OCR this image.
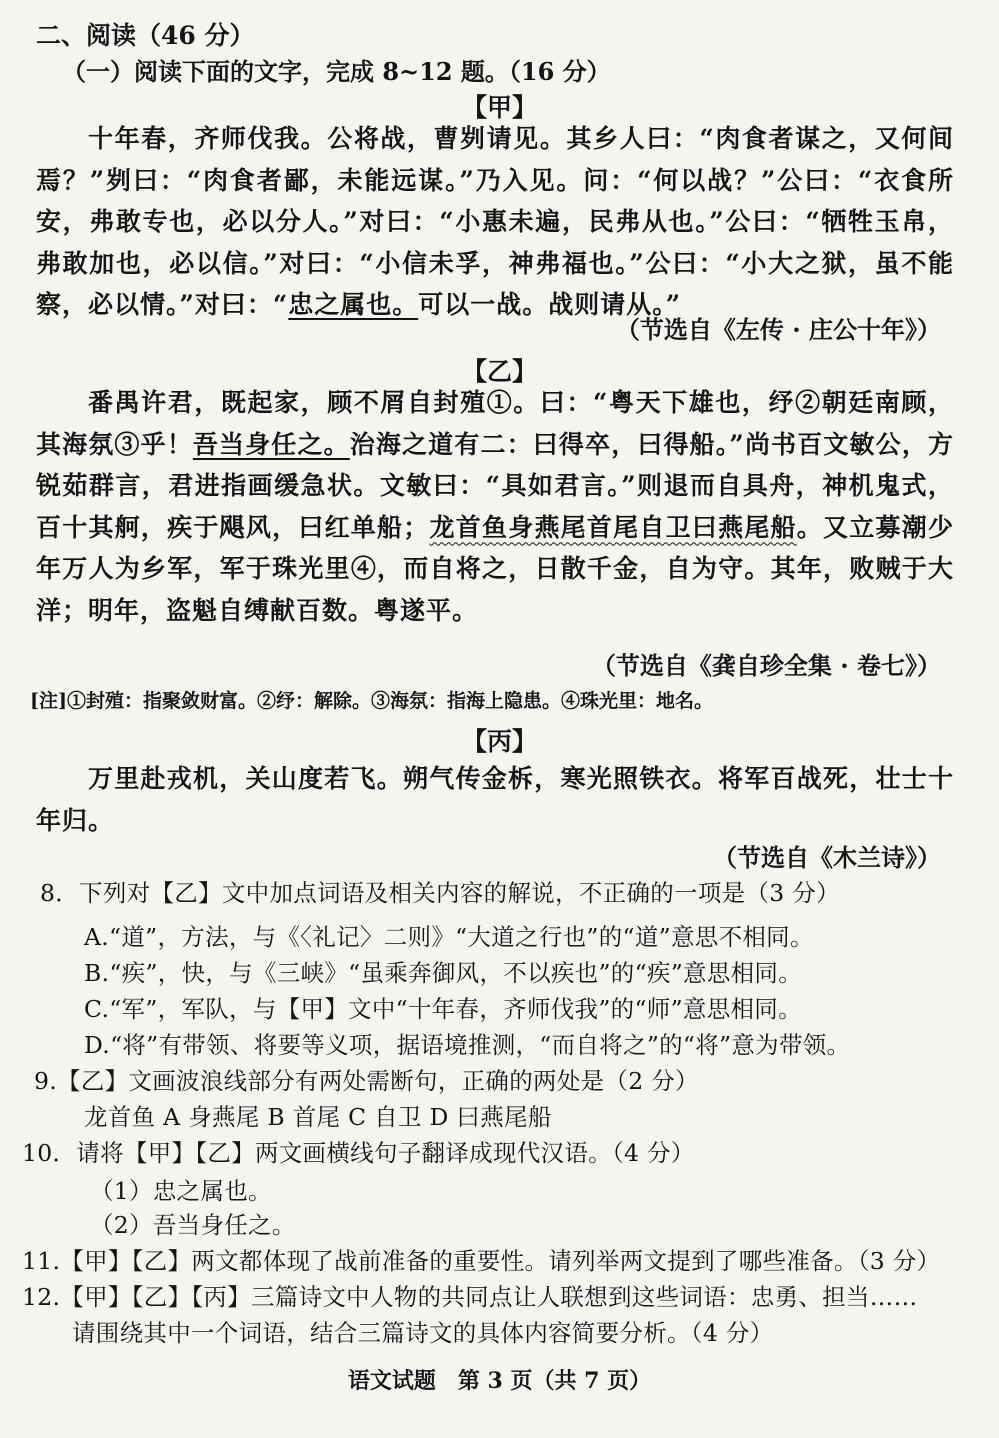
二、阅读（46 分）
（一）阅读下面的文字，完成 8~12 题。（16 分）
【甲】
十年春，齐师伐我。公将战，曹刿请见。其乡人曰：“肉食者谋之，又何间焉？”刿曰：“肉食者鄙，未能远谋。”乃入见。问：“何以战？”公曰：“衣食所安，弗敢专也，必以分人。”对曰：“小惠未遍，民弗从也。”公曰：“牺牲玉帛，弗敢加也，必以信。”对曰：“小信未孚，神弗福也。”公曰：“小大之狱，虽不能察，必以情。”对曰：“忠之属也。可以一战。战则请从。”
（节选自《左传 · 庄公十年》）
【乙】
番禺许君，既起家，顾不屑自封殖①。曰：“粤天下雄也，纾②朝廷南顾，其海氛③乎！吾当身任之。治海之道有二：曰得卒，曰得船。”尚书百文敏公，方锐茹群言，君进指画缓急状。文敏曰：“具如君言。”则退而自具舟，神机鬼式，百十其舸，疾于飓风，曰红单船；龙首鱼身燕尾首尾自卫曰燕尾船。又立募潮少年万人为乡军，军于珠光里④，而自将之，日散千金，自为守。其年，败贼于大洋；明年，盗魁自缚献百数。粤遂平。
（节选自《龚自珍全集 · 卷七》）
[注]①封殖：指聚敛财富。②纾：解除。③海氛：指海上隐患。④珠光里：地名。
【丙】
万里赴戎机，关山度若飞。朔气传金柝，寒光照铁衣。将军百战死，壮士十年归。
（节选自《木兰诗》）
8．下列对【乙】文中加点词语及相关内容的解说，不正确的一项是（3 分）
A.“道”，方法，与《〈礼记〉二则》“大道之行也”的“道”意思不相同。
B.“疾”，快，与《三峡》“虽乘奔御风，不以疾也”的“疾”意思相同。
C.“军”，军队，与【甲】文中“十年春，齐师伐我”的“师”意思相同。
D.“将”有带领、将要等义项，据语境推测，“而自将之”的“将”意为带领。
9.【乙】文画波浪线部分有两处需断句，正确的两处是（2 分）
龙首鱼 A 身燕尾 B 首尾 C 自卫 D 曰燕尾船
10．请将【甲】【乙】两文画横线句子翻译成现代汉语。（4 分）
（1）忠之属也。
（2）吾当身任之。
11.【甲】【乙】两文都体现了战前准备的重要性。请列举两文提到了哪些准备。（3 分）
12.【甲】【乙】【丙】三篇诗文中人物的共同点让人联想到这些词语：忠勇、担当……
请围绕其中一个词语，结合三篇诗文的具体内容简要分析。（4 分）
语文试题　第 3 页（共 7 页）
